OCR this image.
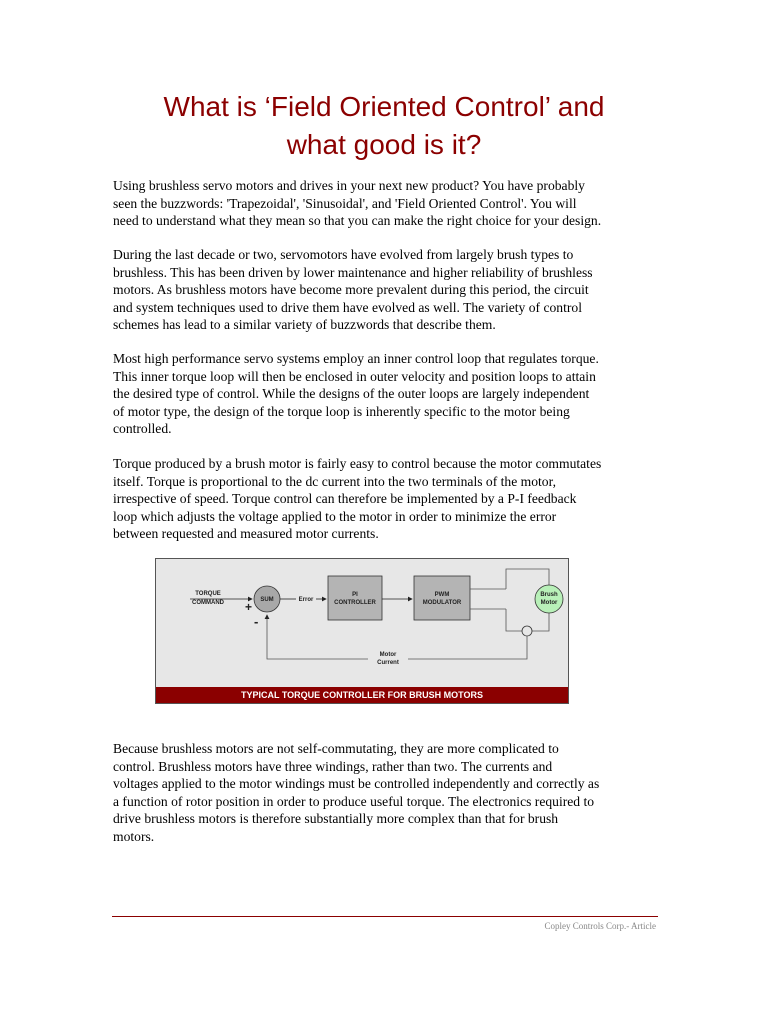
What is ‘Field Oriented Control’ and
what good is it?

Using brushless servo motors and drives in your next new product? You have probably
seen the buzzwords: 'Trapezoidal', 'Sinusoidal', and 'Field Oriented Control'. You will
need to understand what they mean so that you can make the right choice for your design.

During the last decade or two, servomotors have evolved from largely brush types to
brushless. This has been driven by lower maintenance and higher reliability of brushless
motors. As brushless motors have become more prevalent during this period, the circuit
and system techniques used to drive them have evolved as well. The variety of control
schemes has lead to a similar variety of buzzwords that describe them.

Most high performance servo systems employ an inner control loop that regulates torque.
This inner torque loop will then be enclosed in outer velocity and position loops to attain
the desired type of control. While the designs of the outer loops are largely independent
of motor type, the design of the torque loop is inherently specific to the motor being
controlled.

Torque produced by a brush motor is fairly easy to control because the motor commutates
itself. Torque is proportional to the dc current into the two terminals of the motor,
irrespective of speed. Torque control can therefore be implemented by a P-I feedback
loop which adjusts the voltage applied to the motor in order to minimize the error
between requested and measured motor currents.

TORQUE
COMMAND	SUM
+
-
Error
PI
CONTROLLER
PWM
MODULATOR
Brush
Motor
Motor
Current
TYPICAL TORQUE CONTROLLER FOR BRUSH MOTORS

Because brushless motors are not self-commutating, they are more complicated to
control. Brushless motors have three windings, rather than two. The currents and
voltages applied to the motor windings must be controlled independently and correctly as
a function of rotor position in order to produce useful torque. The electronics required to
drive brushless motors is therefore substantially more complex than that for brush
motors.

Copley Controls Corp.- Article
